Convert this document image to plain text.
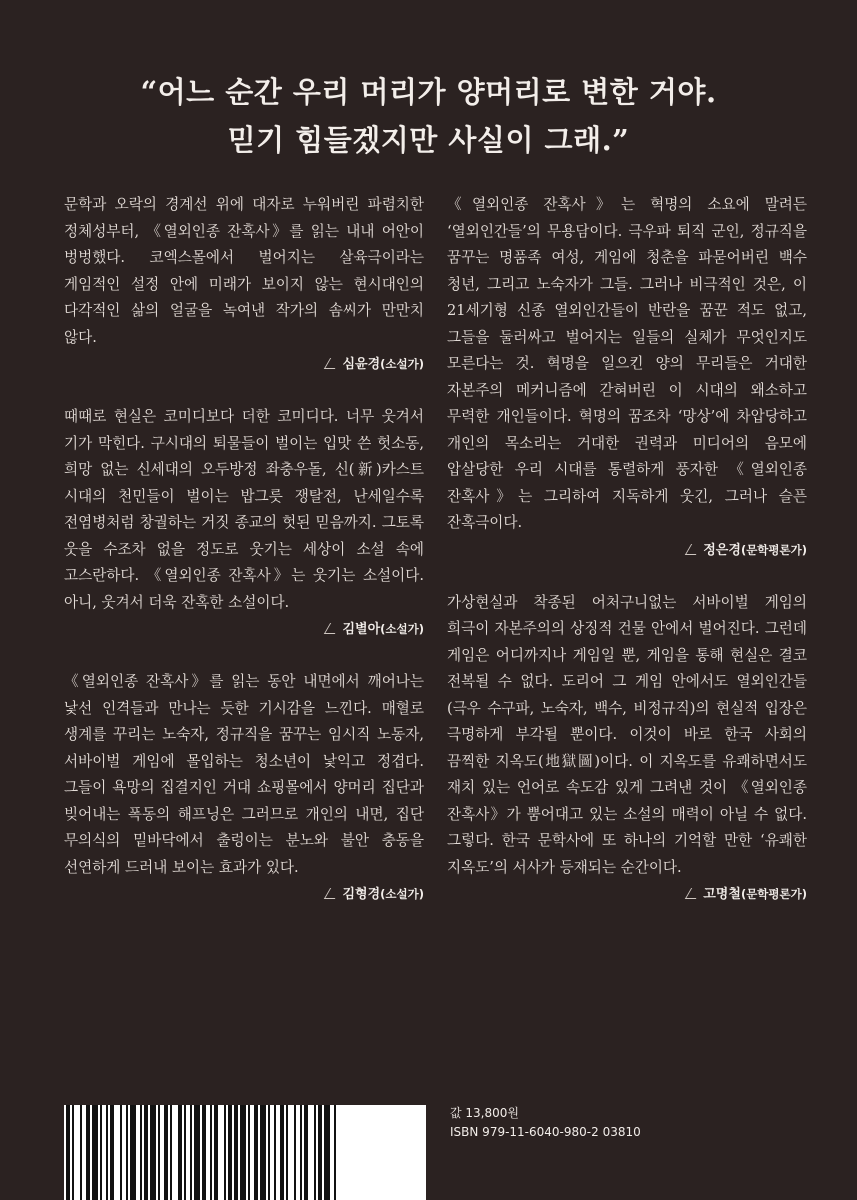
“어느 순간 우리 머리가 양머리로 변한 거야.
믿기 힘들겠지만 사실이 그래.”

문학과 오락의 경계선 위에 대자로 누워버린 파렴치한 정체성부터, 《열외인종 잔혹사》를 읽는 내내 어안이 벙벙했다. 코엑스몰에서 벌어지는 살육극이라는 게임적인 설정 안에 미래가 보이지 않는 현시대인의 다각적인 삶의 얼굴을 녹여낸 작가의 솜씨가 만만치 않다.

심윤경(소설가)

때때로 현실은 코미디보다 더한 코미디다. 너무 웃겨서 기가 막힌다. 구시대의 퇴물들이 벌이는 입맛 쓴 헛소동, 희망 없는 신세대의 오두방정 좌충우돌, 신(新)카스트 시대의 천민들이 벌이는 밥그릇 쟁탈전, 난세일수록 전염병처럼 창궐하는 거짓 종교의 헛된 믿음까지. 그토록 웃을 수조차 없을 정도로 웃기는 세상이 소설 속에 고스란하다. 《열외인종 잔혹사》는 웃기는 소설이다. 아니, 웃겨서 더욱 잔혹한 소설이다.

김별아(소설가)

《열외인종 잔혹사》를 읽는 동안 내면에서 깨어나는 낯선 인격들과 만나는 듯한 기시감을 느낀다. 매혈로 생계를 꾸리는 노숙자, 정규직을 꿈꾸는 임시직 노동자, 서바이벌 게임에 몰입하는 청소년이 낯익고 정겹다. 그들이 욕망의 집결지인 거대 쇼핑몰에서 양머리 집단과 빚어내는 폭동의 해프닝은 그러므로 개인의 내면, 집단 무의식의 밑바닥에서 출렁이는 분노와 불안 충동을 선연하게 드러내 보이는 효과가 있다.

김형경(소설가)

《열외인종 잔혹사》는 혁명의 소요에 말려든 ‘열외인간들’의 무용담이다. 극우파 퇴직 군인, 정규직을 꿈꾸는 명품족 여성, 게임에 청춘을 파묻어버린 백수 청년, 그리고 노숙자가 그들. 그러나 비극적인 것은, 이 21세기형 신종 열외인간들이 반란을 꿈꾼 적도 없고, 그들을 둘러싸고 벌어지는 일들의 실체가 무엇인지도 모른다는 것. 혁명을 일으킨 양의 무리들은 거대한 자본주의 메커니즘에 갇혀버린 이 시대의 왜소하고 무력한 개인들이다. 혁명의 꿈조차 ‘망상’에 차압당하고 개인의 목소리는 거대한 권력과 미디어의 음모에 압살당한 우리 시대를 통렬하게 풍자한 《열외인종 잔혹사》는 그리하여 지독하게 웃긴, 그러나 슬픈 잔혹극이다.

정은경(문학평론가)

가상현실과 착종된 어처구니없는 서바이벌 게임의 희극이 자본주의의 상징적 건물 안에서 벌어진다. 그런데 게임은 어디까지나 게임일 뿐, 게임을 통해 현실은 결코 전복될 수 없다. 도리어 그 게임 안에서도 열외인간들(극우 수구파, 노숙자, 백수, 비정규직)의 현실적 입장은 극명하게 부각될 뿐이다. 이것이 바로 한국 사회의 끔찍한 지옥도(地獄圖)이다. 이 지옥도를 유쾌하면서도 재치 있는 언어로 속도감 있게 그려낸 것이 《열외인종 잔혹사》가 뿜어대고 있는 소설의 매력이 아닐 수 없다. 그렇다. 한국 문학사에 또 하나의 기억할 만한 ‘유쾌한 지옥도’의 서사가 등재되는 순간이다.

고명철(문학평론가)
값 13,800원
ISBN 979-11-6040-980-2 03810
